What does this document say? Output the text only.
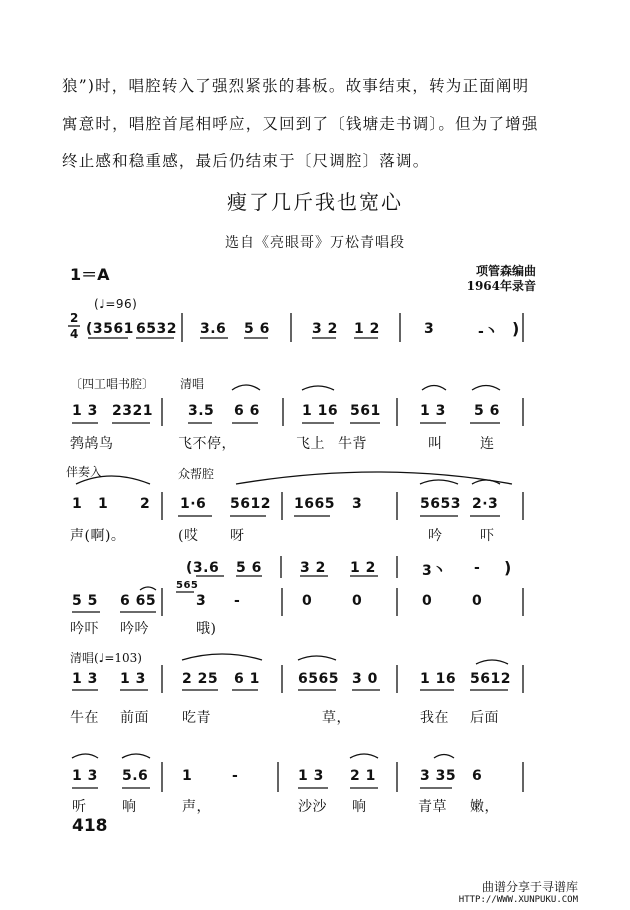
狼”)时，唱腔转入了强烈紧张的碁板。故事结束，转为正面阐明
寓意时，唱腔首尾相呼应，又回到了〔钱塘走书调〕。但为了增强
终止感和稳重感，最后仍结束于〔尺调腔〕落调。
瘦了几斤我也宽心
选自《亮眼哥》万松青唱段
1＝A	项管森编曲
1964年录音
2
4
(♩=96)
(3561 6532 3.6 5 6	3 2 1 2	3	-丶 )
〔四工唱书腔〕 清唱
1 3 2321	3.5 6 6	1 16 561	1 3 5 6
鹁鸪鸟	飞不停，	飞上 牛背	叫	连
伴奏入	众帮腔
1 1 2 1·6 5612 1665 3	5653 2·3
声(啊)。	(哎 呀	吟	吓
(3.6 5 6	3 2 1 2	3丶 - )
565
5 5 6 65	3 -	0	0	0	0
吟吓 吟吟	哦)
清唱(♩=103)
1 3 1 3	2 25 6 1	6565 3 0	1 16 5612
牛在 前面 吃青	草，	我在 后面
1 3 5.6 1	-	1 3 2 1	3 35 6
听	响	声，	沙沙 响	青草 嫩，
418
曲谱分享于寻谱库
HTTP://WWW.XUNPUKU.COM
